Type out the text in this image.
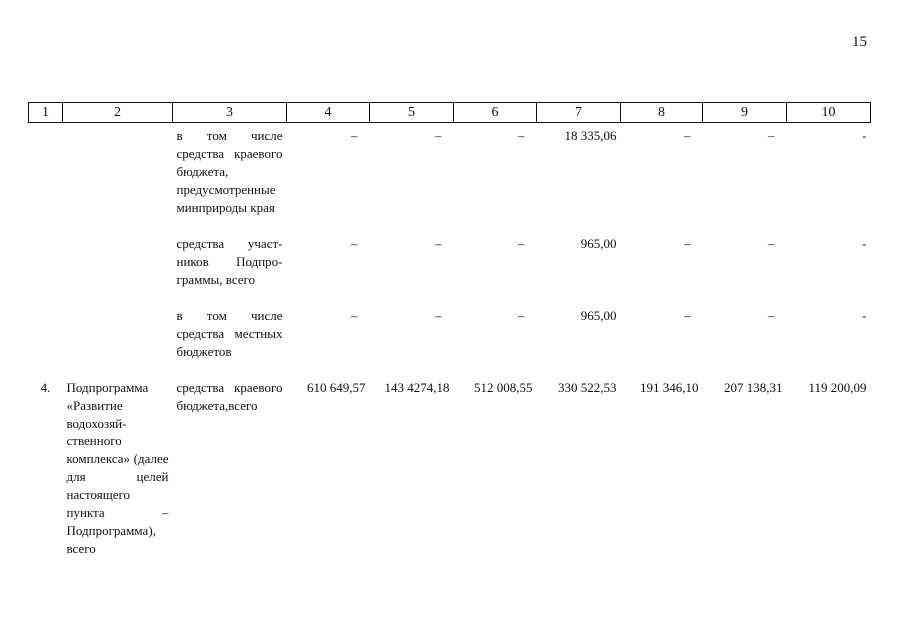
15
1	2	3	4	5	6	7	8	9	10
		в том числе средства краевого бюджета, предусмотренные минприроды края	–	–	–	18 335,06	–	–	-

		средства участников Подпрограммы, всего	–	–	–	965,00	–	–	-

		в том числе средства местных бюджетов	–	–	–	965,00	–	–	-

4.	Подпрограмма «Развитие водохозяйственного комплекса» (далее для целей настоящего пункта – Подпрограмма), всего	средства краевого бюджета,всего	610 649,57	143 4274,18	512 008,55	330 522,53	191 346,10	207 138,31	119 200,09
